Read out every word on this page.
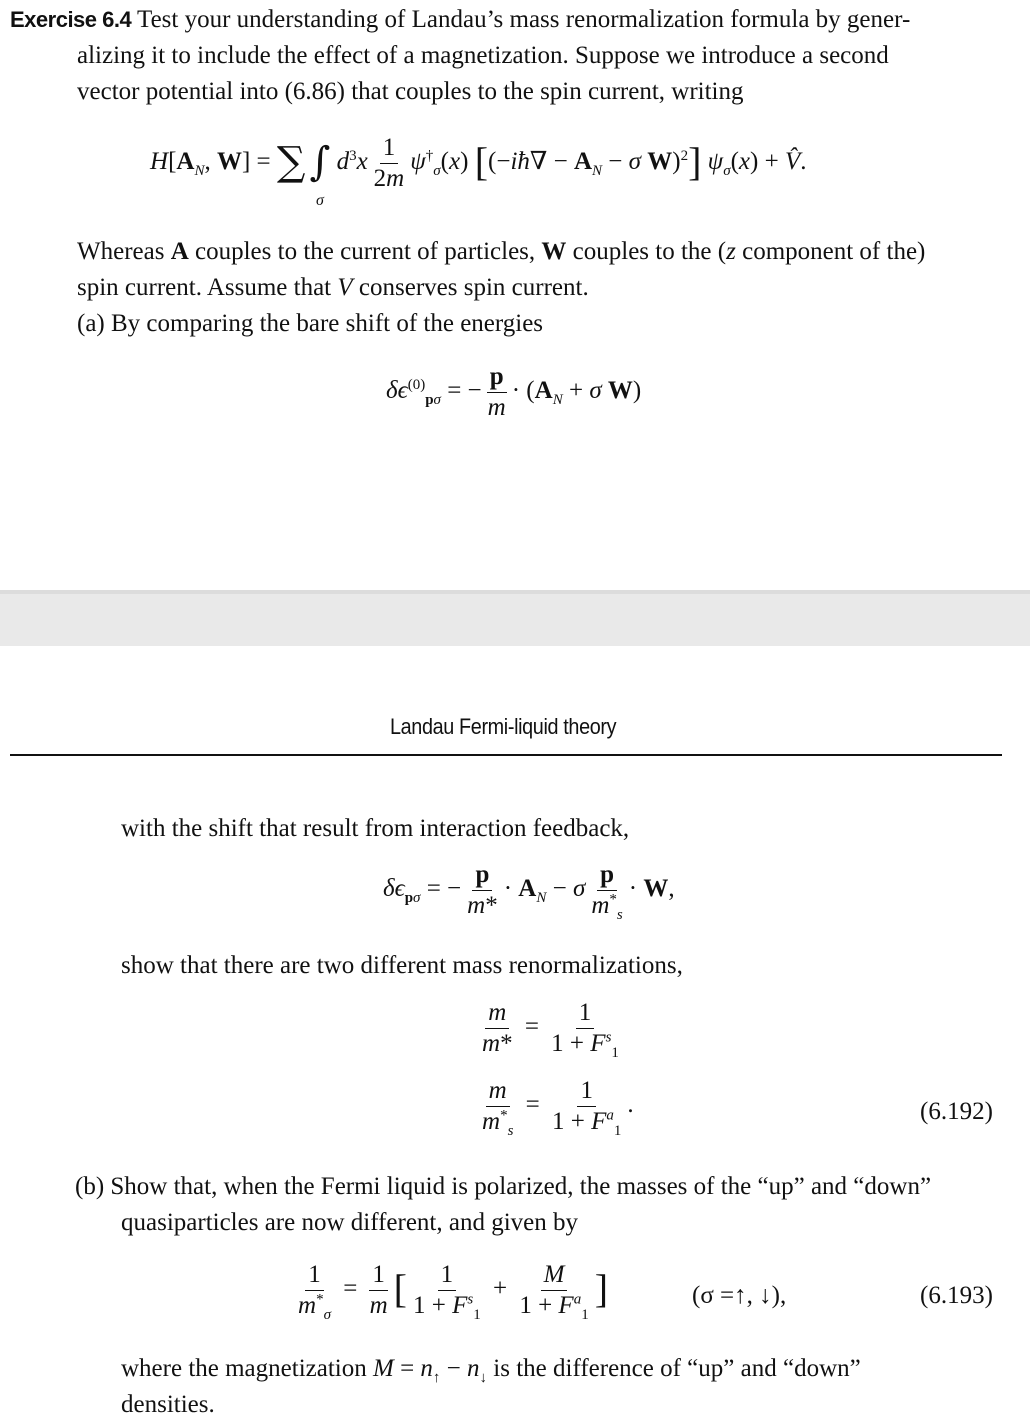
Exercise 6.4 Test your understanding of Landau’s mass renormalization formula by gener-
alizing it to include the effect of a magnetization. Suppose we introduce a second
vector potential into (6.86) that couples to the spin current, writing
$H[A_N$, W] = ∑ ∫ $d^3x \frac{1}{2m} \psi^\dagger_\sigma(x)$ [(−iħ∇ − $A_N - \sigma$ W)$^2$] $\psi_\sigma(x)$ + V̂.
σ
Whereas A couples to the current of particles, W couples to the (z component of the)
spin current. Assume that V conserves spin current.
(a) By comparing the bare shift of the energies
$\delta\epsilon^{(0)}_{p\sigma}$ = − $\frac{p}{m} \cdot (A_N + \sigma$ W)
Landau Fermi-liquid theory
with the shift that result from interaction feedback,
$\delta\epsilon_{p\sigma}$ = − $\frac{p}{m*} \cdot A_N - \sigma \frac{p}{m^*_s} \cdot W$,
show that there are two different mass renormalizations,
$\frac{m}{m*} = \frac{1}{1 + F^s_1}$
$\frac{m}{m^*_s} = \frac{1}{1 + F^a_1}$ .	(6.192)
(b) Show that, when the Fermi liquid is polarized, the masses of the “up” and “down”
quasiparticles are now different, and given by
$\frac{1}{m^*_\sigma} = \frac{1}{m}$ [ $\frac{1}{1 + F^s_1} + \frac{M}{1 + F^a_1}$ ]	(σ =↑, ↓),	(6.193)
where the magnetization $M = n_↑ - n_↓$ is the difference of “up” and “down”
densities.
